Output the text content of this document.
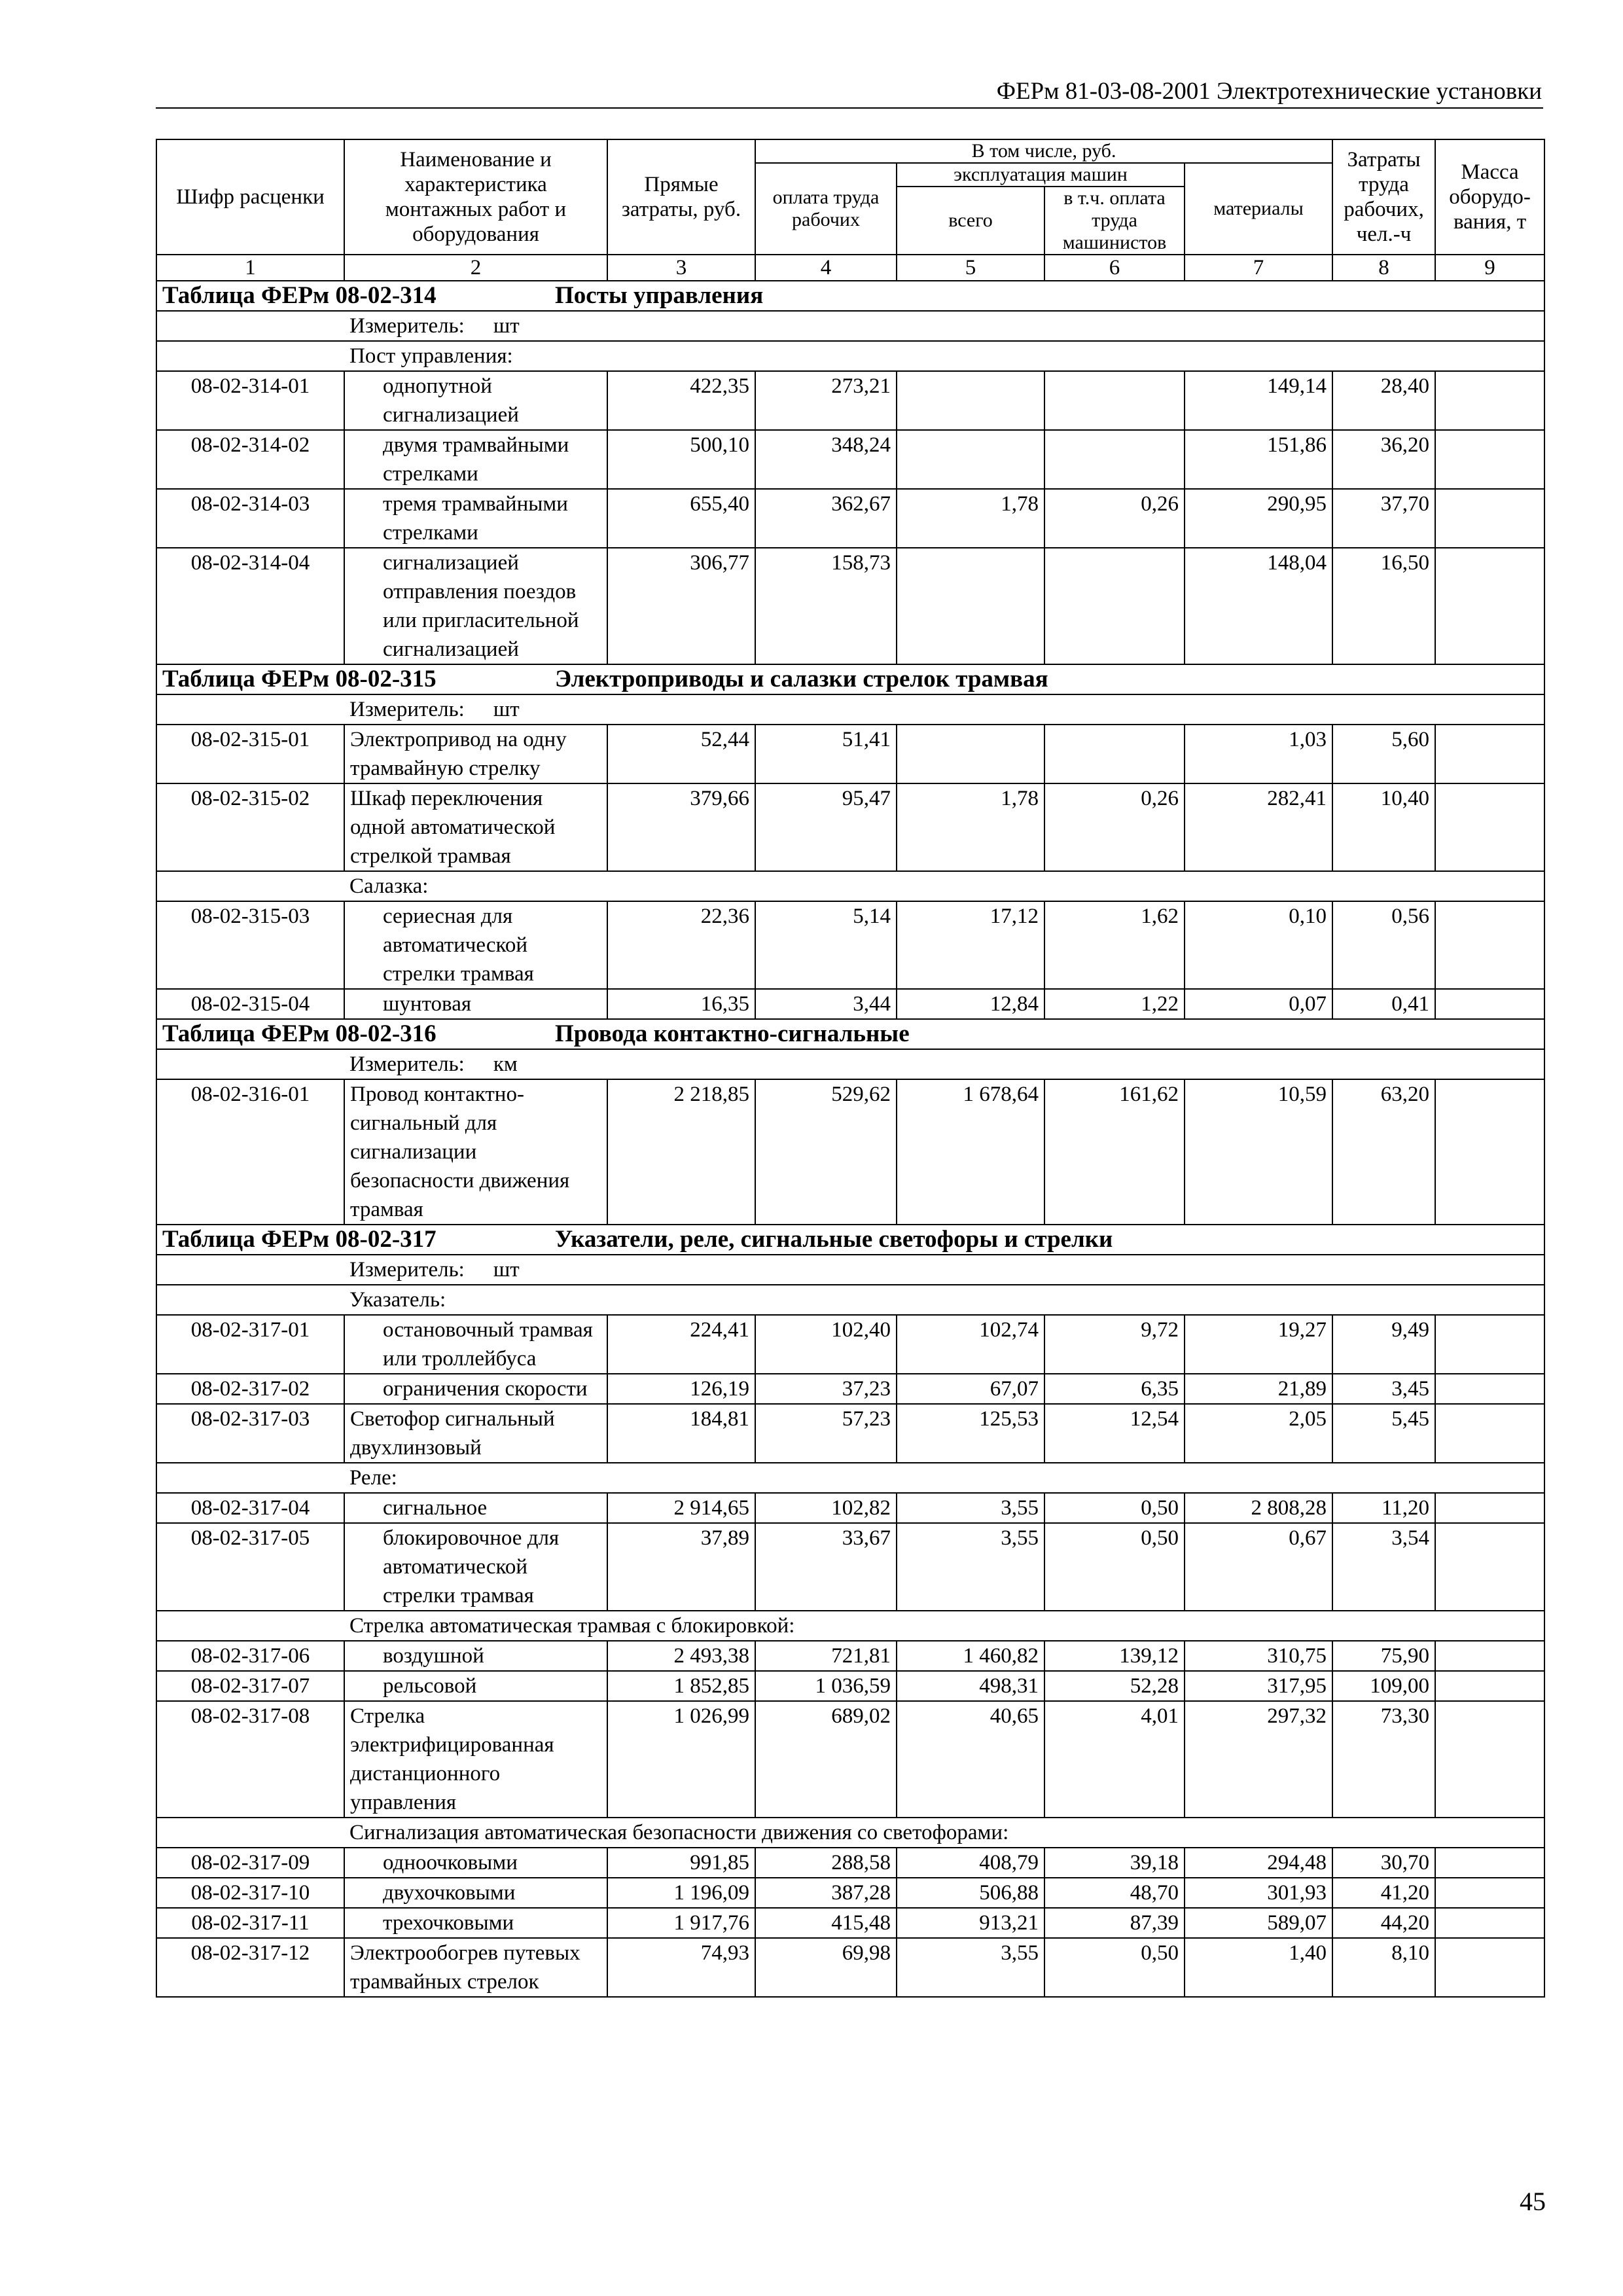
ФЕРм 81-03-08-2001 Электротехнические установки
Шифр расценки	Наименование и характеристика монтажных работ и оборудования	Прямые затраты, руб.	В том числе, руб.				Затраты труда рабочих, чел.-ч	Масса оборудо-вания, т
			оплата труда рабочих	эксплуатация машин		материалы		
				всего	в т.ч. оплата труда машинистов			
1	2	3	4	5	6	7	8	9
Таблица ФЕРм 08-02-314 Посты управления								
Измеритель: шт								
Пост управления:								
08-02-314-01	однопутной сигнализацией	422,35	273,21			149,14	28,40	
08-02-314-02	двумя трамвайными стрелками	500,10	348,24			151,86	36,20	
08-02-314-03	тремя трамвайными стрелками	655,40	362,67	1,78	0,26	290,95	37,70	
08-02-314-04	сигнализацией отправления поездов или пригласительной сигнализацией	306,77	158,73			148,04	16,50	
Таблица ФЕРм 08-02-315 Электроприводы и салазки стрелок трамвая								
Измеритель: шт								
08-02-315-01	Электропривод на одну трамвайную стрелку	52,44	51,41			1,03	5,60	
08-02-315-02	Шкаф переключения одной автоматической стрелкой трамвая	379,66	95,47	1,78	0,26	282,41	10,40	
Салазка:								
08-02-315-03	сериесная для автоматической стрелки трамвая	22,36	5,14	17,12	1,62	0,10	0,56	
08-02-315-04	шунтовая	16,35	3,44	12,84	1,22	0,07	0,41	
Таблица ФЕРм 08-02-316 Провода контактно-сигнальные								
Измеритель: км								
08-02-316-01	Провод контактно-сигнальный для сигнализации безопасности движения трамвая	2 218,85	529,62	1 678,64	161,62	10,59	63,20	
Таблица ФЕРм 08-02-317 Указатели, реле, сигнальные светофоры и стрелки								
Измеритель: шт								
Указатель:								
08-02-317-01	остановочный трамвая или троллейбуса	224,41	102,40	102,74	9,72	19,27	9,49	
08-02-317-02	ограничения скорости	126,19	37,23	67,07	6,35	21,89	3,45	
08-02-317-03	Светофор сигнальный двухлинзовый	184,81	57,23	125,53	12,54	2,05	5,45	
Реле:								
08-02-317-04	сигнальное	2 914,65	102,82	3,55	0,50	2 808,28	11,20	
08-02-317-05	блокировочное для автоматической стрелки трамвая	37,89	33,67	3,55	0,50	0,67	3,54	
Стрелка автоматическая трамвая с блокировкой:								
08-02-317-06	воздушной	2 493,38	721,81	1 460,82	139,12	310,75	75,90	
08-02-317-07	рельсовой	1 852,85	1 036,59	498,31	52,28	317,95	109,00	
08-02-317-08	Стрелка электрифицированная дистанционного управления	1 026,99	689,02	40,65	4,01	297,32	73,30	
Сигнализация автоматическая безопасности движения со светофорами:								
08-02-317-09	одноочковыми	991,85	288,58	408,79	39,18	294,48	30,70	
08-02-317-10	двухочковыми	1 196,09	387,28	506,88	48,70	301,93	41,20	
08-02-317-11	трехочковыми	1 917,76	415,48	913,21	87,39	589,07	44,20	
08-02-317-12	Электрообогрев путевых трамвайных стрелок	74,93	69,98	3,55	0,50	1,40	8,10	
45
